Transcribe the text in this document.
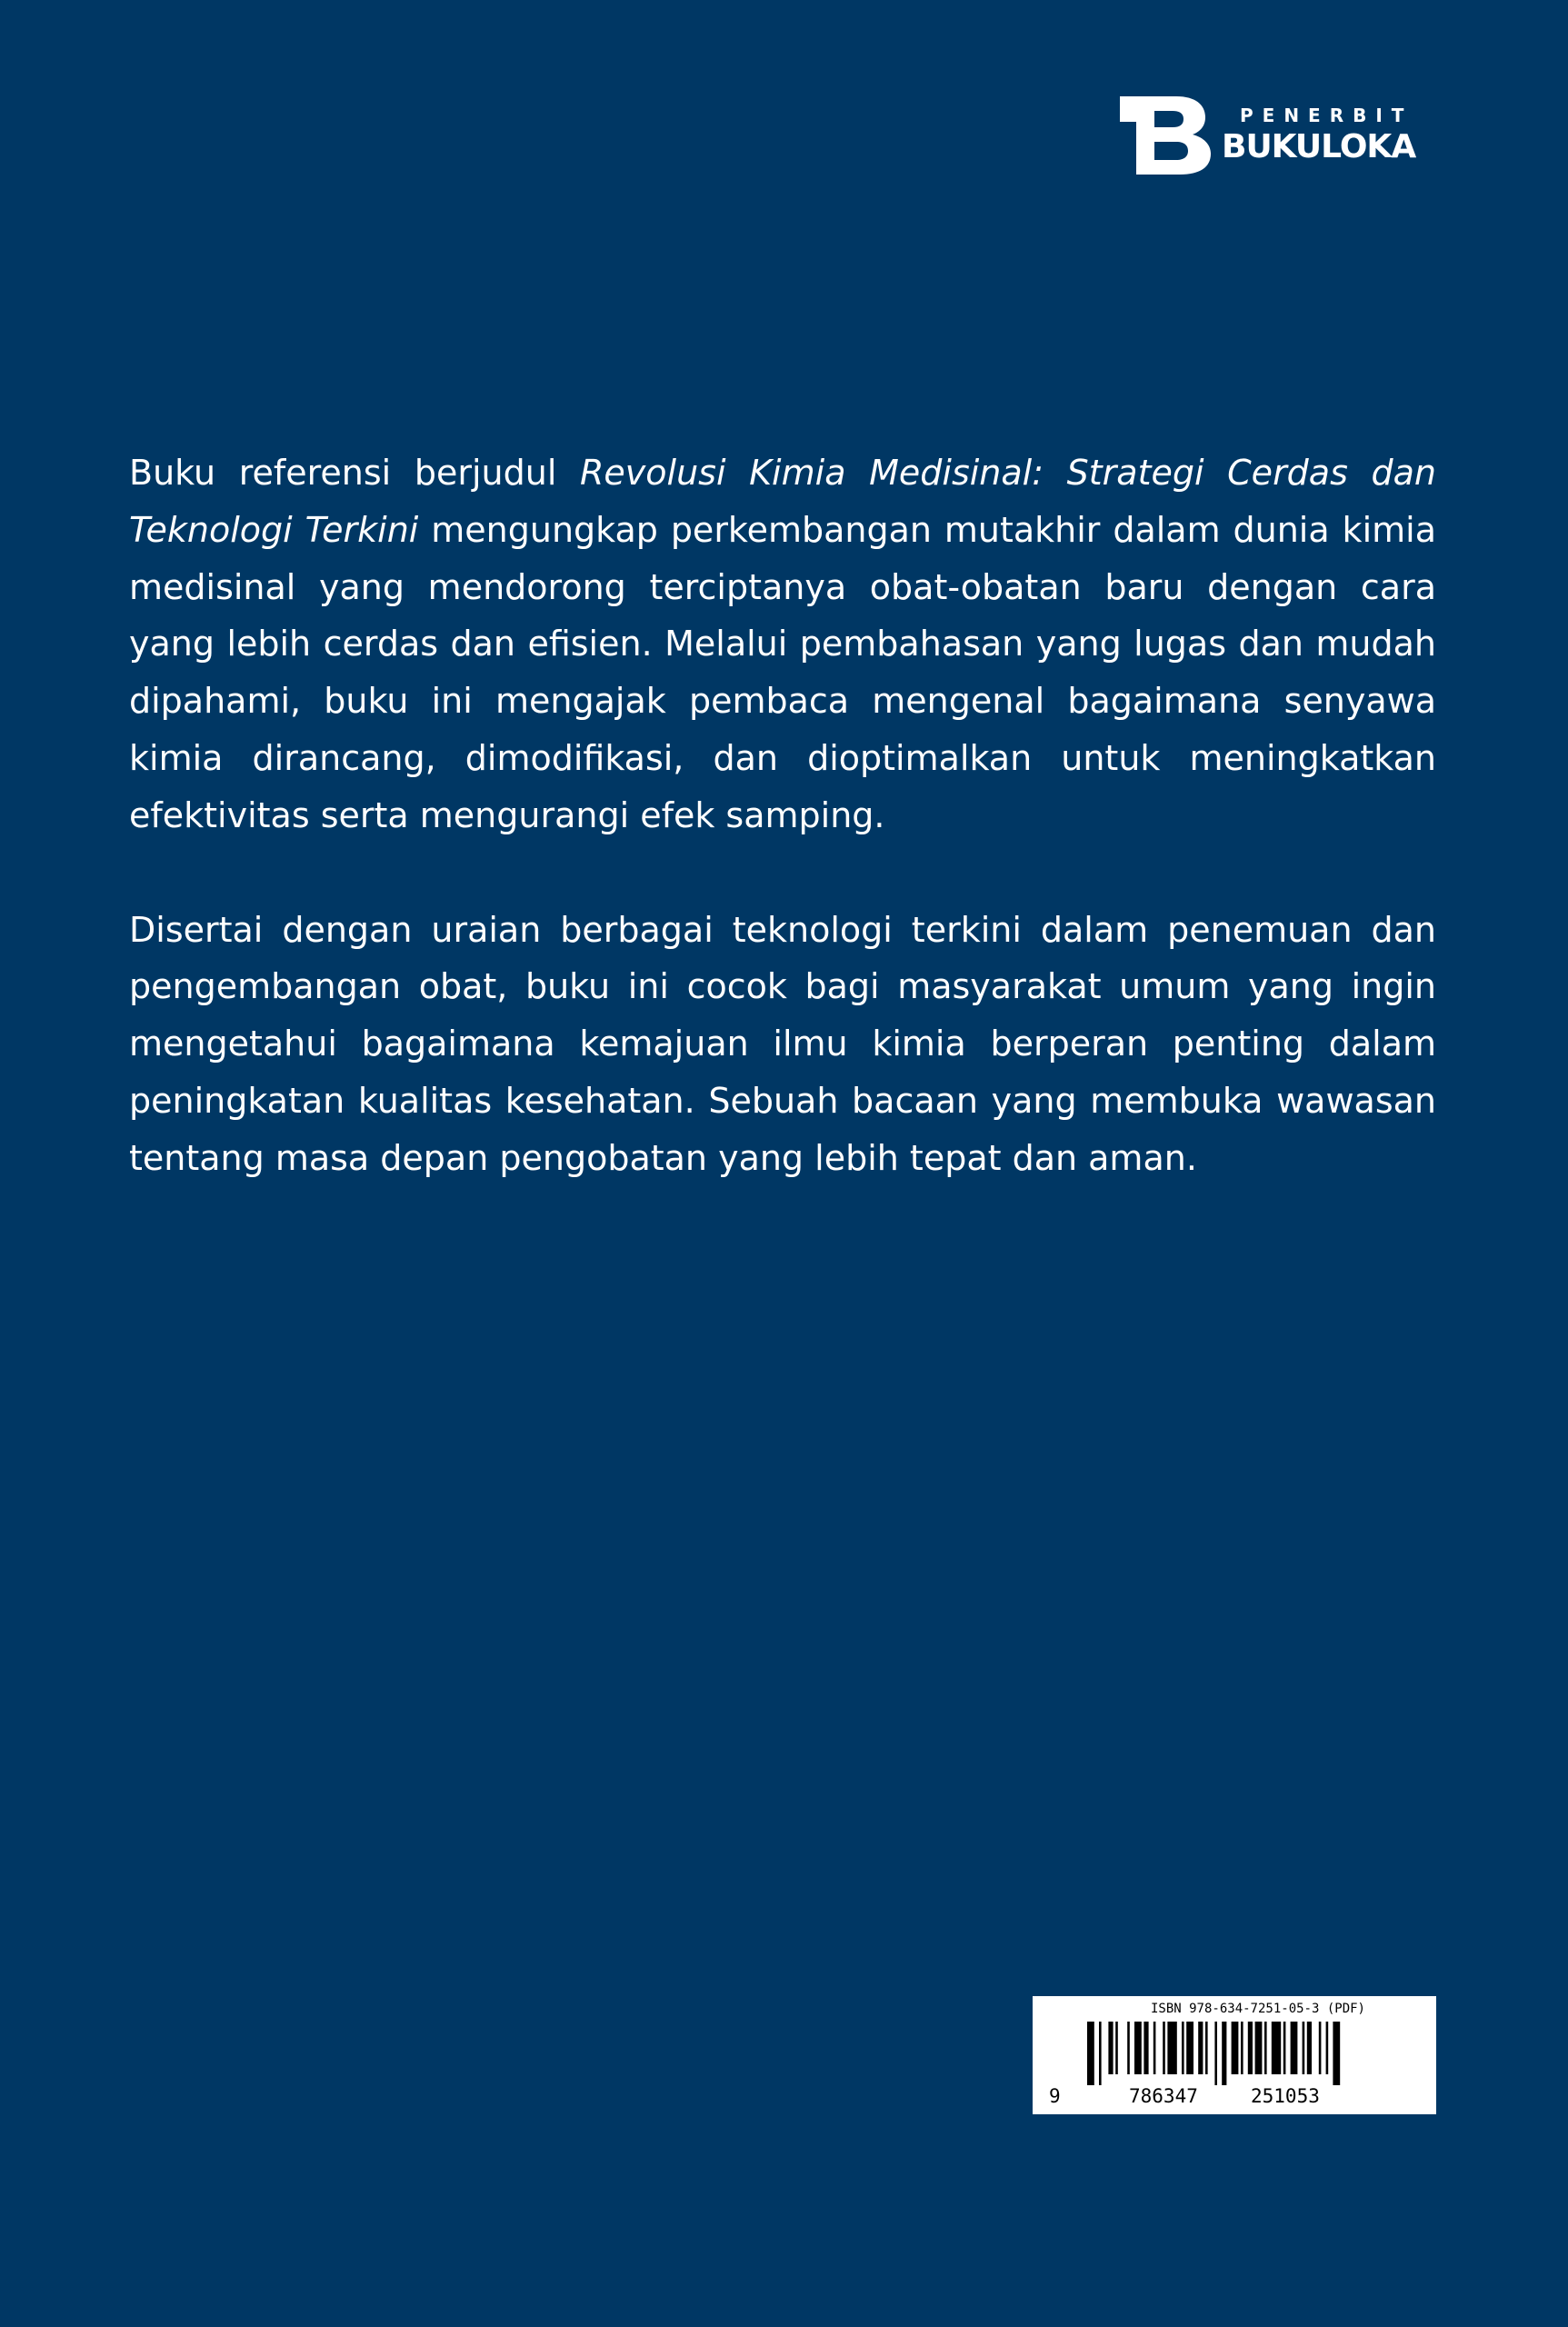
PENERBIT
BUKULOKA

Buku referensi berjudul Revolusi Kimia Medisinal: Strategi Cerdas dan Teknologi Terkini mengungkap perkembangan mutakhir dalam dunia kimia medisinal yang mendorong terciptanya obat-obatan baru dengan cara yang lebih cerdas dan efisien. Melalui pembahasan yang lugas dan mudah dipahami, buku ini mengajak pembaca mengenal bagaimana senyawa kimia dirancang, dimodifikasi, dan dioptimalkan untuk meningkatkan efektivitas serta mengurangi efek samping.

Disertai dengan uraian berbagai teknologi terkini dalam penemuan dan pengembangan obat, buku ini cocok bagi masyarakat umum yang ingin mengetahui bagaimana kemajuan ilmu kimia berperan penting dalam peningkatan kualitas kesehatan. Sebuah bacaan yang membuka wawasan tentang masa depan pengobatan yang lebih tepat dan aman.

ISBN 978-634-7251-05-3 (PDF)
9	786347	251053
